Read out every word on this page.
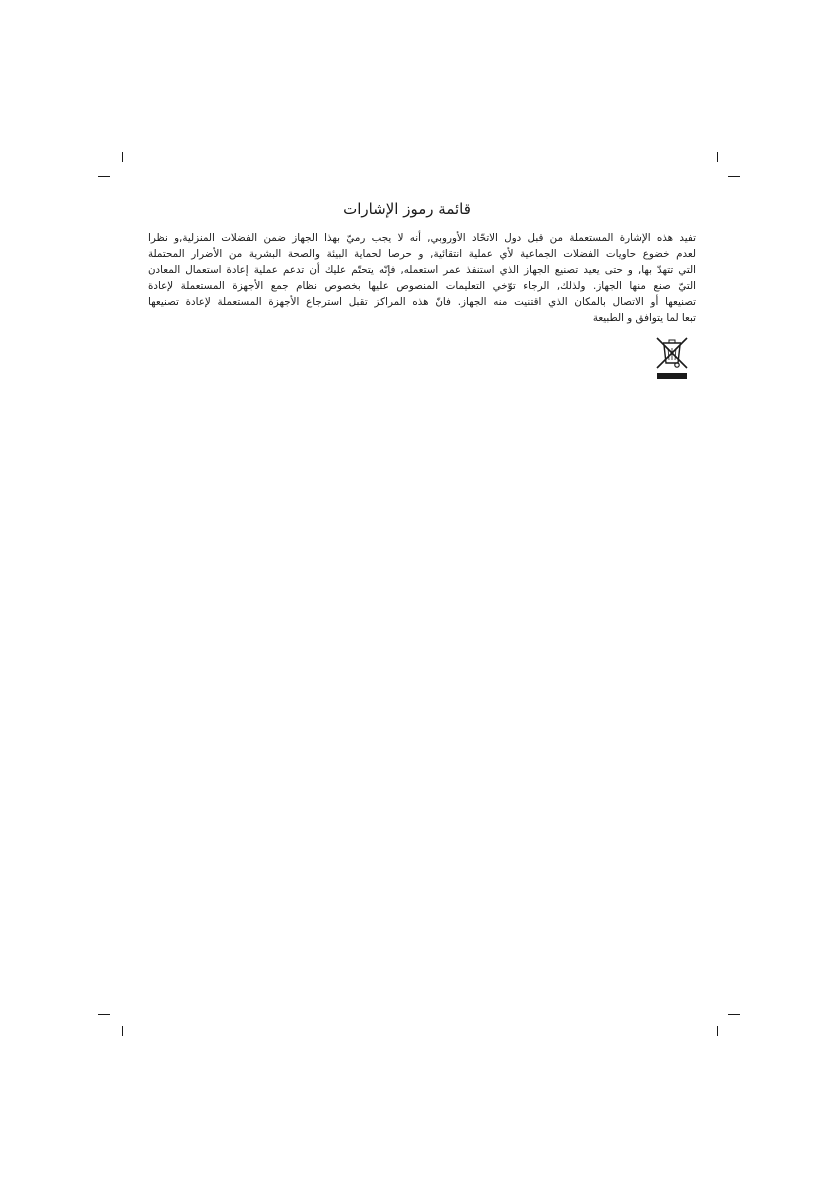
قائمة رموز الإشارات
تفيد هذه الإشارة المستعملة من قبل دول الاتحّاد الأوروبي, أنه لا يجب رميّ بهذا الجهاز ضمن الفضلات المنزلية,و نظرا
لعدم خضوع حاويات الفضلات الجماعية لأي عملية انتقائية, و حرصا لحماية البيئة والصحة البشرية من الأضرار المحتملة
التي تتهدّ بها, و حتى يعيد تصنيع الجهاز الذي استنفذ عمر استعمله, فإنّه يتحتّم عليك أن تدعم عملية إعادة استعمال المعادن
التيّ صنع منها الجهاز. ولذلك, الرجاء توّخي التعليمات المنصوص عليها بخصوص نظام جمع الأجهزة المستعملة لإعادة
تصنيعها أو الاتصال بالمكان الذي اقتنيت منه الجهاز. فانّ هذه المراكز تقبل استرجاع الأجهزة المستعملة لإعادة تصنيعها
تبعا لما يتوافق و الطبيعة
